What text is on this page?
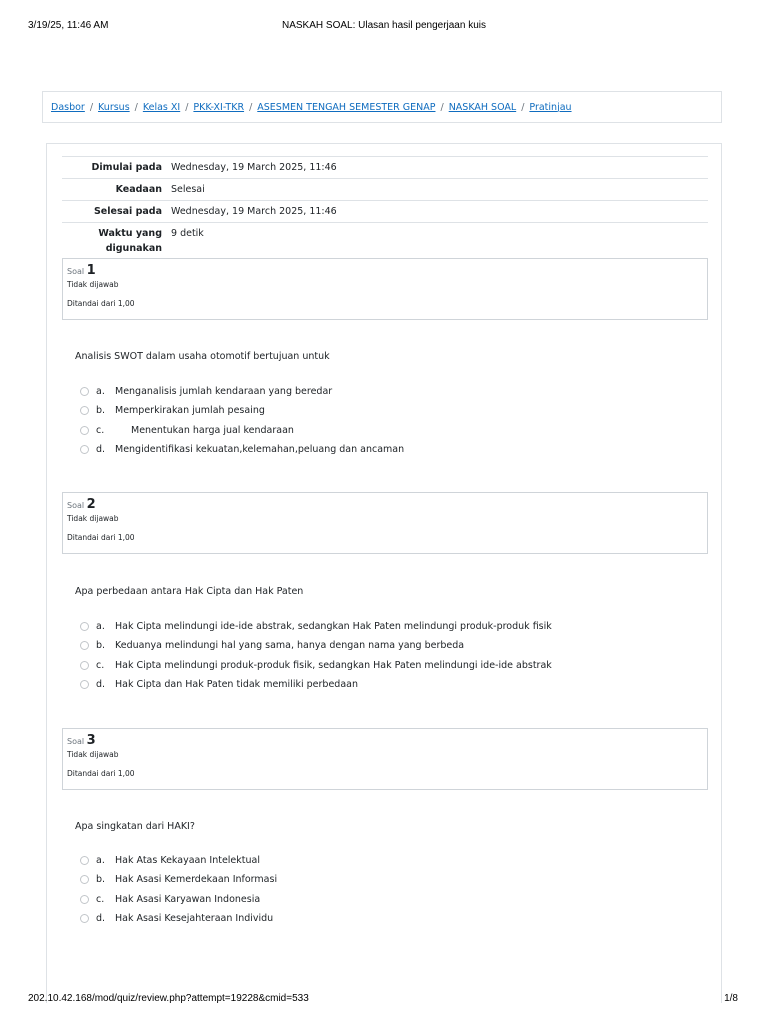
3/19/25, 11:46 AM	NASKAH SOAL: Ulasan hasil pengerjaan kuis
Dasbor / Kursus / Kelas XI / PKK-XI-TKR / ASESMEN TENGAH SEMESTER GENAP / NASKAH SOAL / Pratinjau
Dimulai pada Wednesday, 19 March 2025, 11:46
Keadaan Selesai
Selesai pada Wednesday, 19 March 2025, 11:46
Waktu yang digunakan
9 detik
Soal 1
Tidak dijawab
Ditandai dari 1,00
Analisis SWOT dalam usaha otomotif bertujuan untuk
a.	Menganalisis jumlah kendaraan yang beredar
b.	Memperkirakan jumlah pesaing
c.	Menentukan harga jual kendaraan
d.	Mengidentifikasi kekuatan,kelemahan,peluang dan ancaman
Soal 2
Tidak dijawab
Ditandai dari 1,00
Apa perbedaan antara Hak Cipta dan Hak Paten
a.	Hak Cipta melindungi ide-ide abstrak, sedangkan Hak Paten melindungi produk-produk fisik
b.	Keduanya melindungi hal yang sama, hanya dengan nama yang berbeda
c.	Hak Cipta melindungi produk-produk fisik, sedangkan Hak Paten melindungi ide-ide abstrak
d.	Hak Cipta dan Hak Paten tidak memiliki perbedaan
Soal 3
Tidak dijawab
Ditandai dari 1,00
Apa singkatan dari HAKI?
a.	Hak Atas Kekayaan Intelektual
b.	Hak Asasi Kemerdekaan Informasi
c.	Hak Asasi Karyawan Indonesia
d.	Hak Asasi Kesejahteraan Individu
202.10.42.168/mod/quiz/review.php?attempt=19228&cmid=533	1/8
